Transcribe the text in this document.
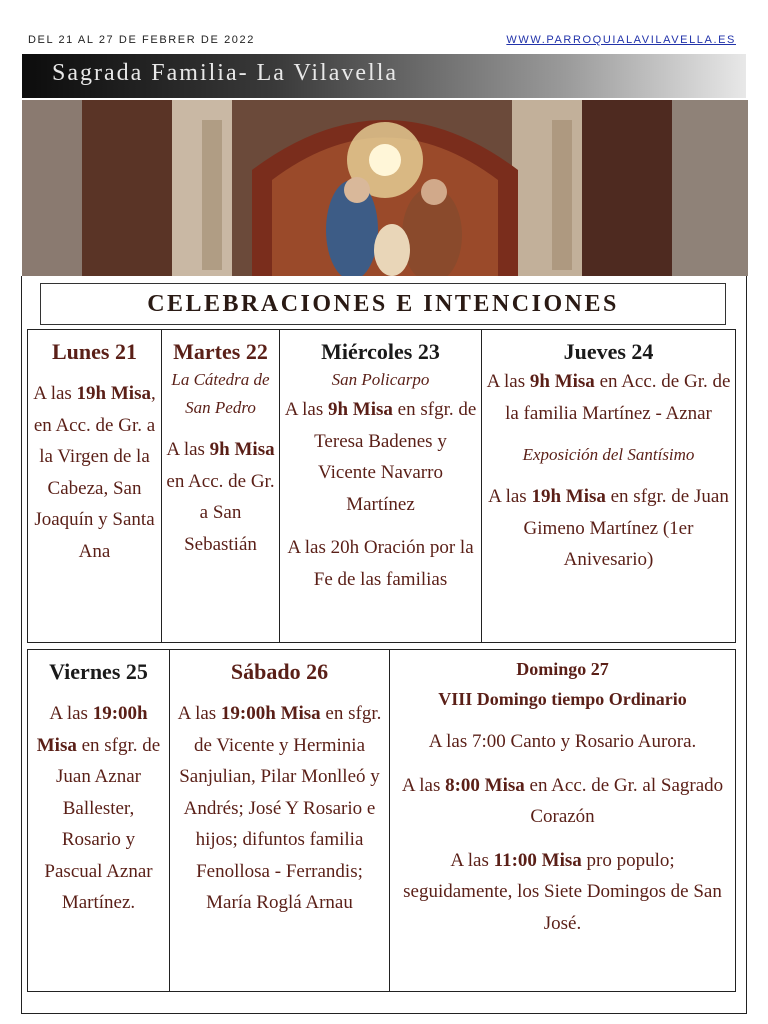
DEL 21 AL 27 DE FEBRER DE 2022	WWW.PARROQUIALAVILAVELLA.ES
Sagrada Familia- La Vilavella
CELEBRACIONES E INTENCIONES
Lunes 21
A las 19h Misa, en Acc. de Gr. a la Virgen de la Cabeza, San Joaquín y Santa Ana

Martes 22
La Cátedra de San Pedro
A las 9h Misa en Acc. de Gr. a San Sebastián

Miércoles 23
San Policarpo
A las 9h Misa en sfgr. de Teresa Badenes y Vicente Navarro Martínez
A las 20h Oración por la Fe de las familias

Jueves 24
A las 9h Misa en Acc. de Gr. de la familia Martínez - Aznar
Exposición del Santísimo
A las 19h Misa en sfgr. de Juan Gimeno Martínez (1er Anivesario)
Viernes 25
A las 19:00h Misa en sfgr. de Juan Aznar Ballester, Rosario y Pascual Aznar Martínez.

Sábado 26
A las 19:00h Misa en sfgr. de Vicente y Herminia Sanjulian, Pilar Monlleó y Andrés; José Y Rosario e hijos; difuntos familia Fenollosa - Ferrandis; María Roglá Arnau

Domingo 27
VIII Domingo tiempo Ordinario
A las 7:00 Canto y Rosario Aurora.
A las 8:00 Misa en Acc. de Gr. al Sagrado Corazón
A las 11:00 Misa pro populo; seguidamente, los Siete Domingos de San José.
